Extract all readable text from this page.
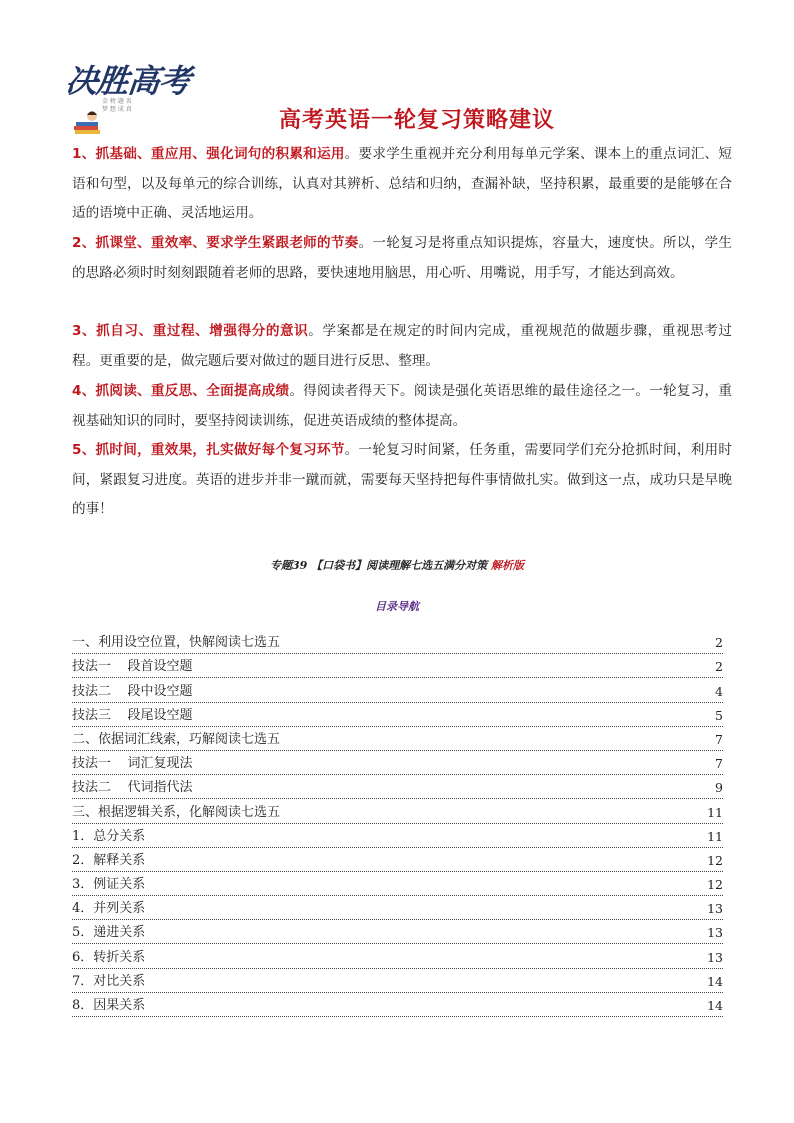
决胜高考
金 榜 题 名
梦 想 成 真	高考英语一轮复习策略建议
1、抓基础、重应用、强化词句的积累和运用。要求学生重视并充分利用每单元学案、课本上的重点词汇、短语和句型，以及每单元的综合训练，认真对其辨析、总结和归纳，查漏补缺，坚持积累，最重要的是能够在合适的语境中正确、灵活地运用。
2、抓课堂、重效率、要求学生紧跟老师的节奏。一轮复习是将重点知识提炼，容量大，速度快。所以，学生的思路必须时时刻刻跟随着老师的思路，要快速地用脑思，用心听、用嘴说，用手写，才能达到高效。
3、抓自习、重过程、增强得分的意识。学案都是在规定的时间内完成，重视规范的做题步骤，重视思考过程。更重要的是，做完题后要对做过的题目进行反思、整理。
4、抓阅读、重反思、全面提高成绩。得阅读者得天下。阅读是强化英语思维的最佳途径之一。一轮复习，重视基础知识的同时，要坚持阅读训练，促进英语成绩的整体提高。
5、抓时间，重效果，扎实做好每个复习环节。一轮复习时间紧，任务重，需要同学们充分抢抓时间，利用时间，紧跟复习进度。英语的进步并非一蹴而就，需要每天坚持把每件事情做扎实。做到这一点，成功只是早晚的事！
专题39 【口袋书】阅读理解七选五满分对策 解析版
目录导航
一、利用设空位置，快解阅读七选五	2
技法一    段首设空题	2
技法二    段中设空题	4
技法三    段尾设空题	5
二、依据词汇线索，巧解阅读七选五	7
技法一    词汇复现法	7
技法二    代词指代法	9
三、根据逻辑关系，化解阅读七选五	11
1．总分关系	11
2．解释关系	12
3．例证关系	12
4．并列关系	13
5．递进关系	13
6．转折关系	13
7．对比关系	14
8．因果关系	14
